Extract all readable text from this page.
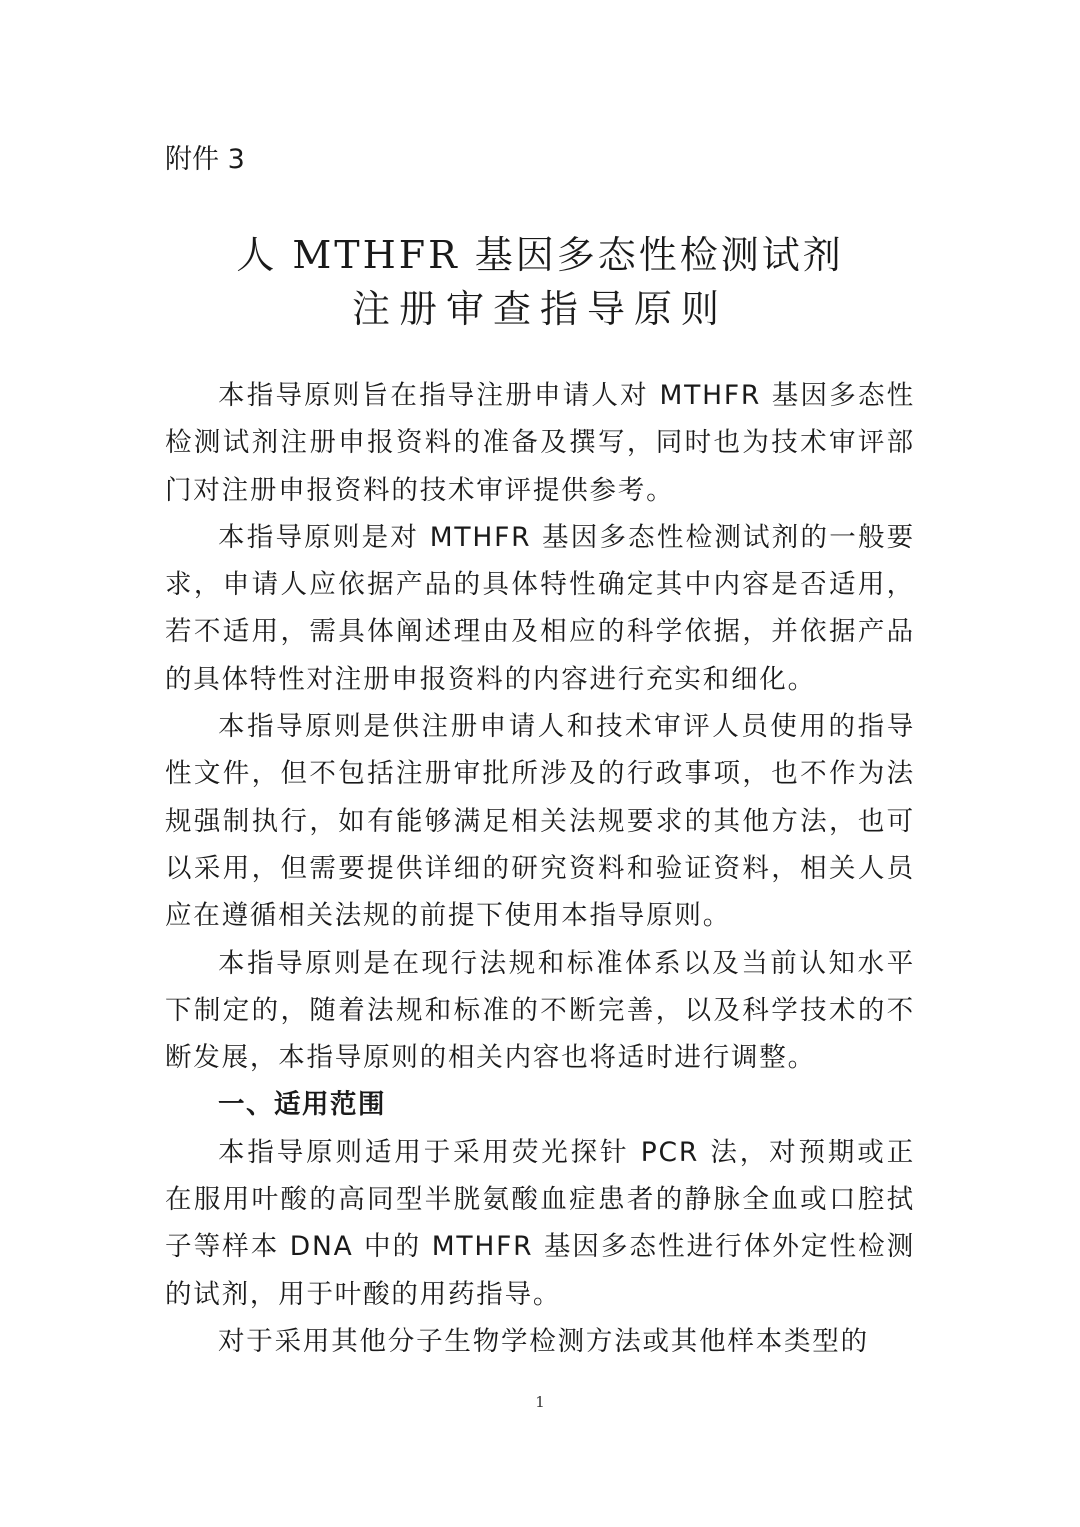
附件 3
人 MTHFR 基因多态性检测试剂
注册审查指导原则

本指导原则旨在指导注册申请人对 MTHFR 基因多态性检测试剂注册申报资料的准备及撰写，同时也为技术审评部门对注册申报资料的技术审评提供参考。

本指导原则是对 MTHFR 基因多态性检测试剂的一般要求，申请人应依据产品的具体特性确定其中内容是否适用，若不适用，需具体阐述理由及相应的科学依据，并依据产品的具体特性对注册申报资料的内容进行充实和细化。

本指导原则是供注册申请人和技术审评人员使用的指导性文件，但不包括注册审批所涉及的行政事项，也不作为法规强制执行，如有能够满足相关法规要求的其他方法，也可以采用，但需要提供详细的研究资料和验证资料，相关人员应在遵循相关法规的前提下使用本指导原则。

本指导原则是在现行法规和标准体系以及当前认知水平下制定的，随着法规和标准的不断完善，以及科学技术的不断发展，本指导原则的相关内容也将适时进行调整。

一、适用范围

本指导原则适用于采用荧光探针 PCR 法，对预期或正在服用叶酸的高同型半胱氨酸血症患者的静脉全血或口腔拭子等样本 DNA 中的 MTHFR 基因多态性进行体外定性检测的试剂，用于叶酸的用药指导。

对于采用其他分子生物学检测方法或其他样本类型的

1
